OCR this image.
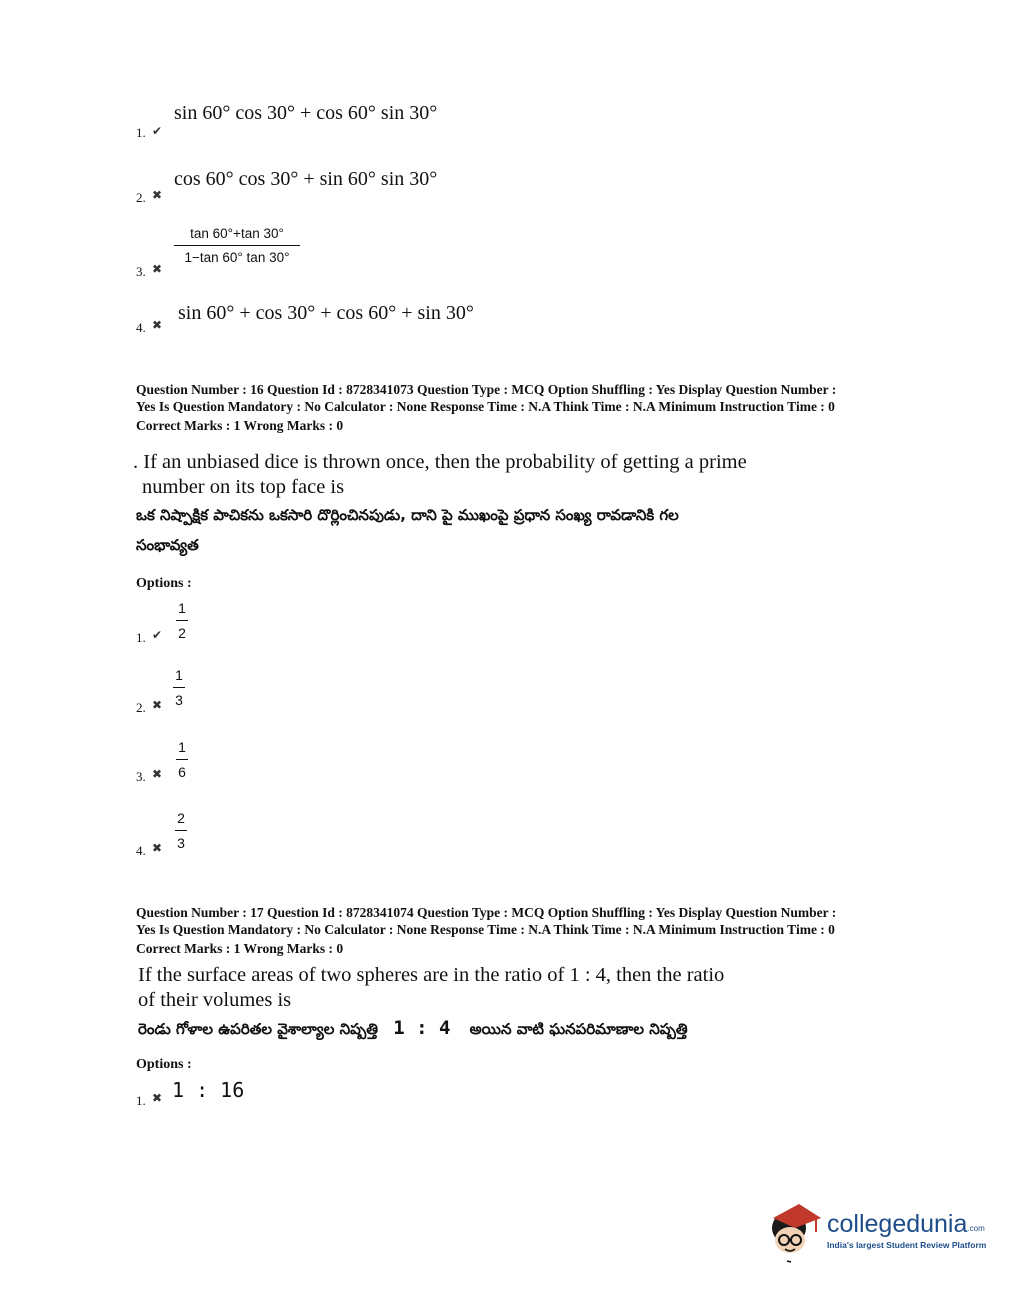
1. ✔
sin 60° cos 30° + cos 60° sin 30°
2. ✖
cos 60° cos 30° + sin 60° sin 30°
3. ✖
tan 60°+tan 30°
1−tan 60° tan 30°
4. ✖
sin 60° + cos 30° + cos 60° + sin 30°
Question Number : 16 Question Id : 8728341073 Question Type : MCQ Option Shuffling : Yes Display Question Number :
Yes Is Question Mandatory : No Calculator : None Response Time : N.A Think Time : N.A Minimum Instruction Time : 0
Correct Marks : 1 Wrong Marks : 0
. If an unbiased dice is thrown once, then the probability of getting a prime
number on its top face is
ఒక నిష్పాక్షిక పాచికను ఒకసారి దొర్లించినపుడు, దాని పై ముఖంపై ప్రధాన సంఖ్య రావడానికి గల
సంభావ్యత
Options :
1. ✔
1
2
2. ✖
1
3
3. ✖
1
6
4. ✖
2
3
Question Number : 17 Question Id : 8728341074 Question Type : MCQ Option Shuffling : Yes Display Question Number :
Yes Is Question Mandatory : No Calculator : None Response Time : N.A Think Time : N.A Minimum Instruction Time : 0
Correct Marks : 1 Wrong Marks : 0
If the surface areas of two spheres are in the ratio of 1 : 4, then the ratio
of their volumes is
రెండు గోళాల ఉపరితల వైశాల్యాల నిష్పత్తి 1 : 4 అయిన వాటి ఘనపరిమాణాల నిష్పత్తి
Options :
1. ✖ 1 : 16
collegedunia.com
India's largest Student Review Platform
